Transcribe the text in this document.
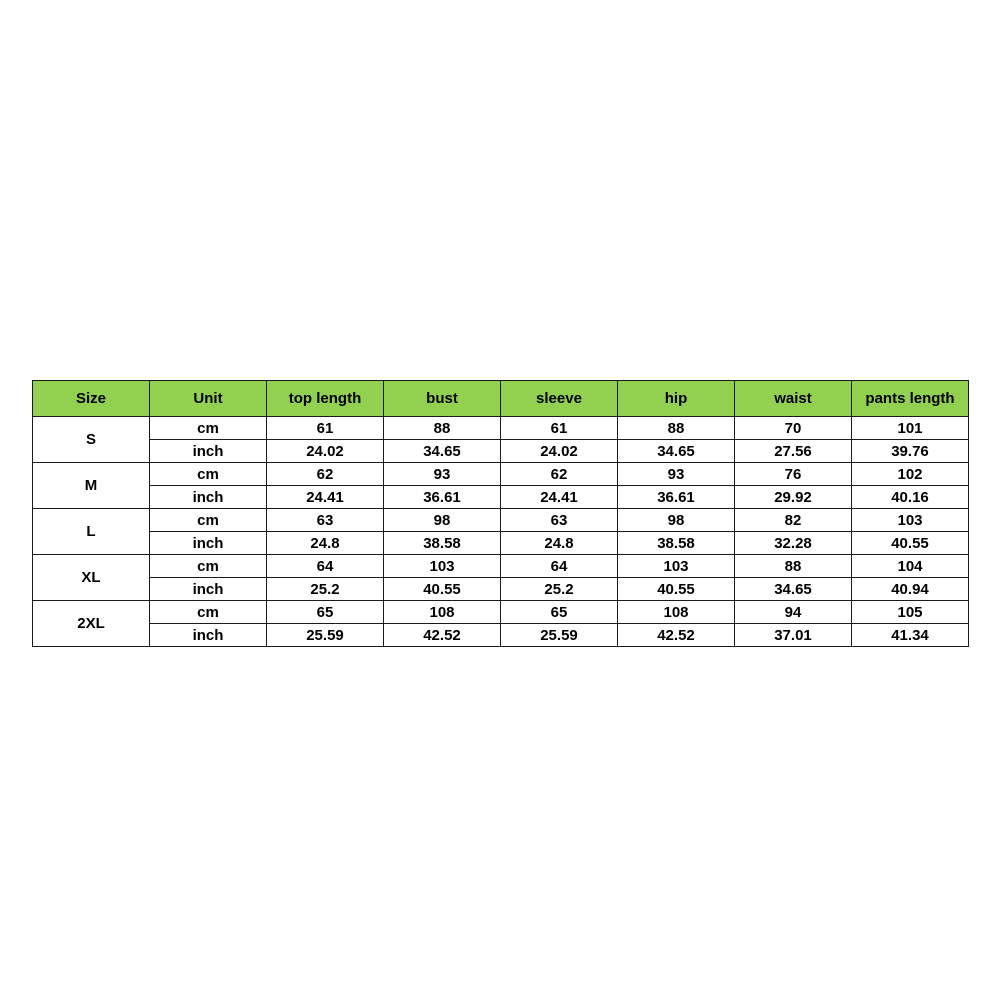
Size	Unit	top length	bust	sleeve	hip	waist	pants length
S	cm	61	88	61	88	70	101
	inch	24.02	34.65	24.02	34.65	27.56	39.76
M	cm	62	93	62	93	76	102
	inch	24.41	36.61	24.41	36.61	29.92	40.16
L	cm	63	98	63	98	82	103
	inch	24.8	38.58	24.8	38.58	32.28	40.55
XL	cm	64	103	64	103	88	104
	inch	25.2	40.55	25.2	40.55	34.65	40.94
2XL	cm	65	108	65	108	94	105
	inch	25.59	42.52	25.59	42.52	37.01	41.34
